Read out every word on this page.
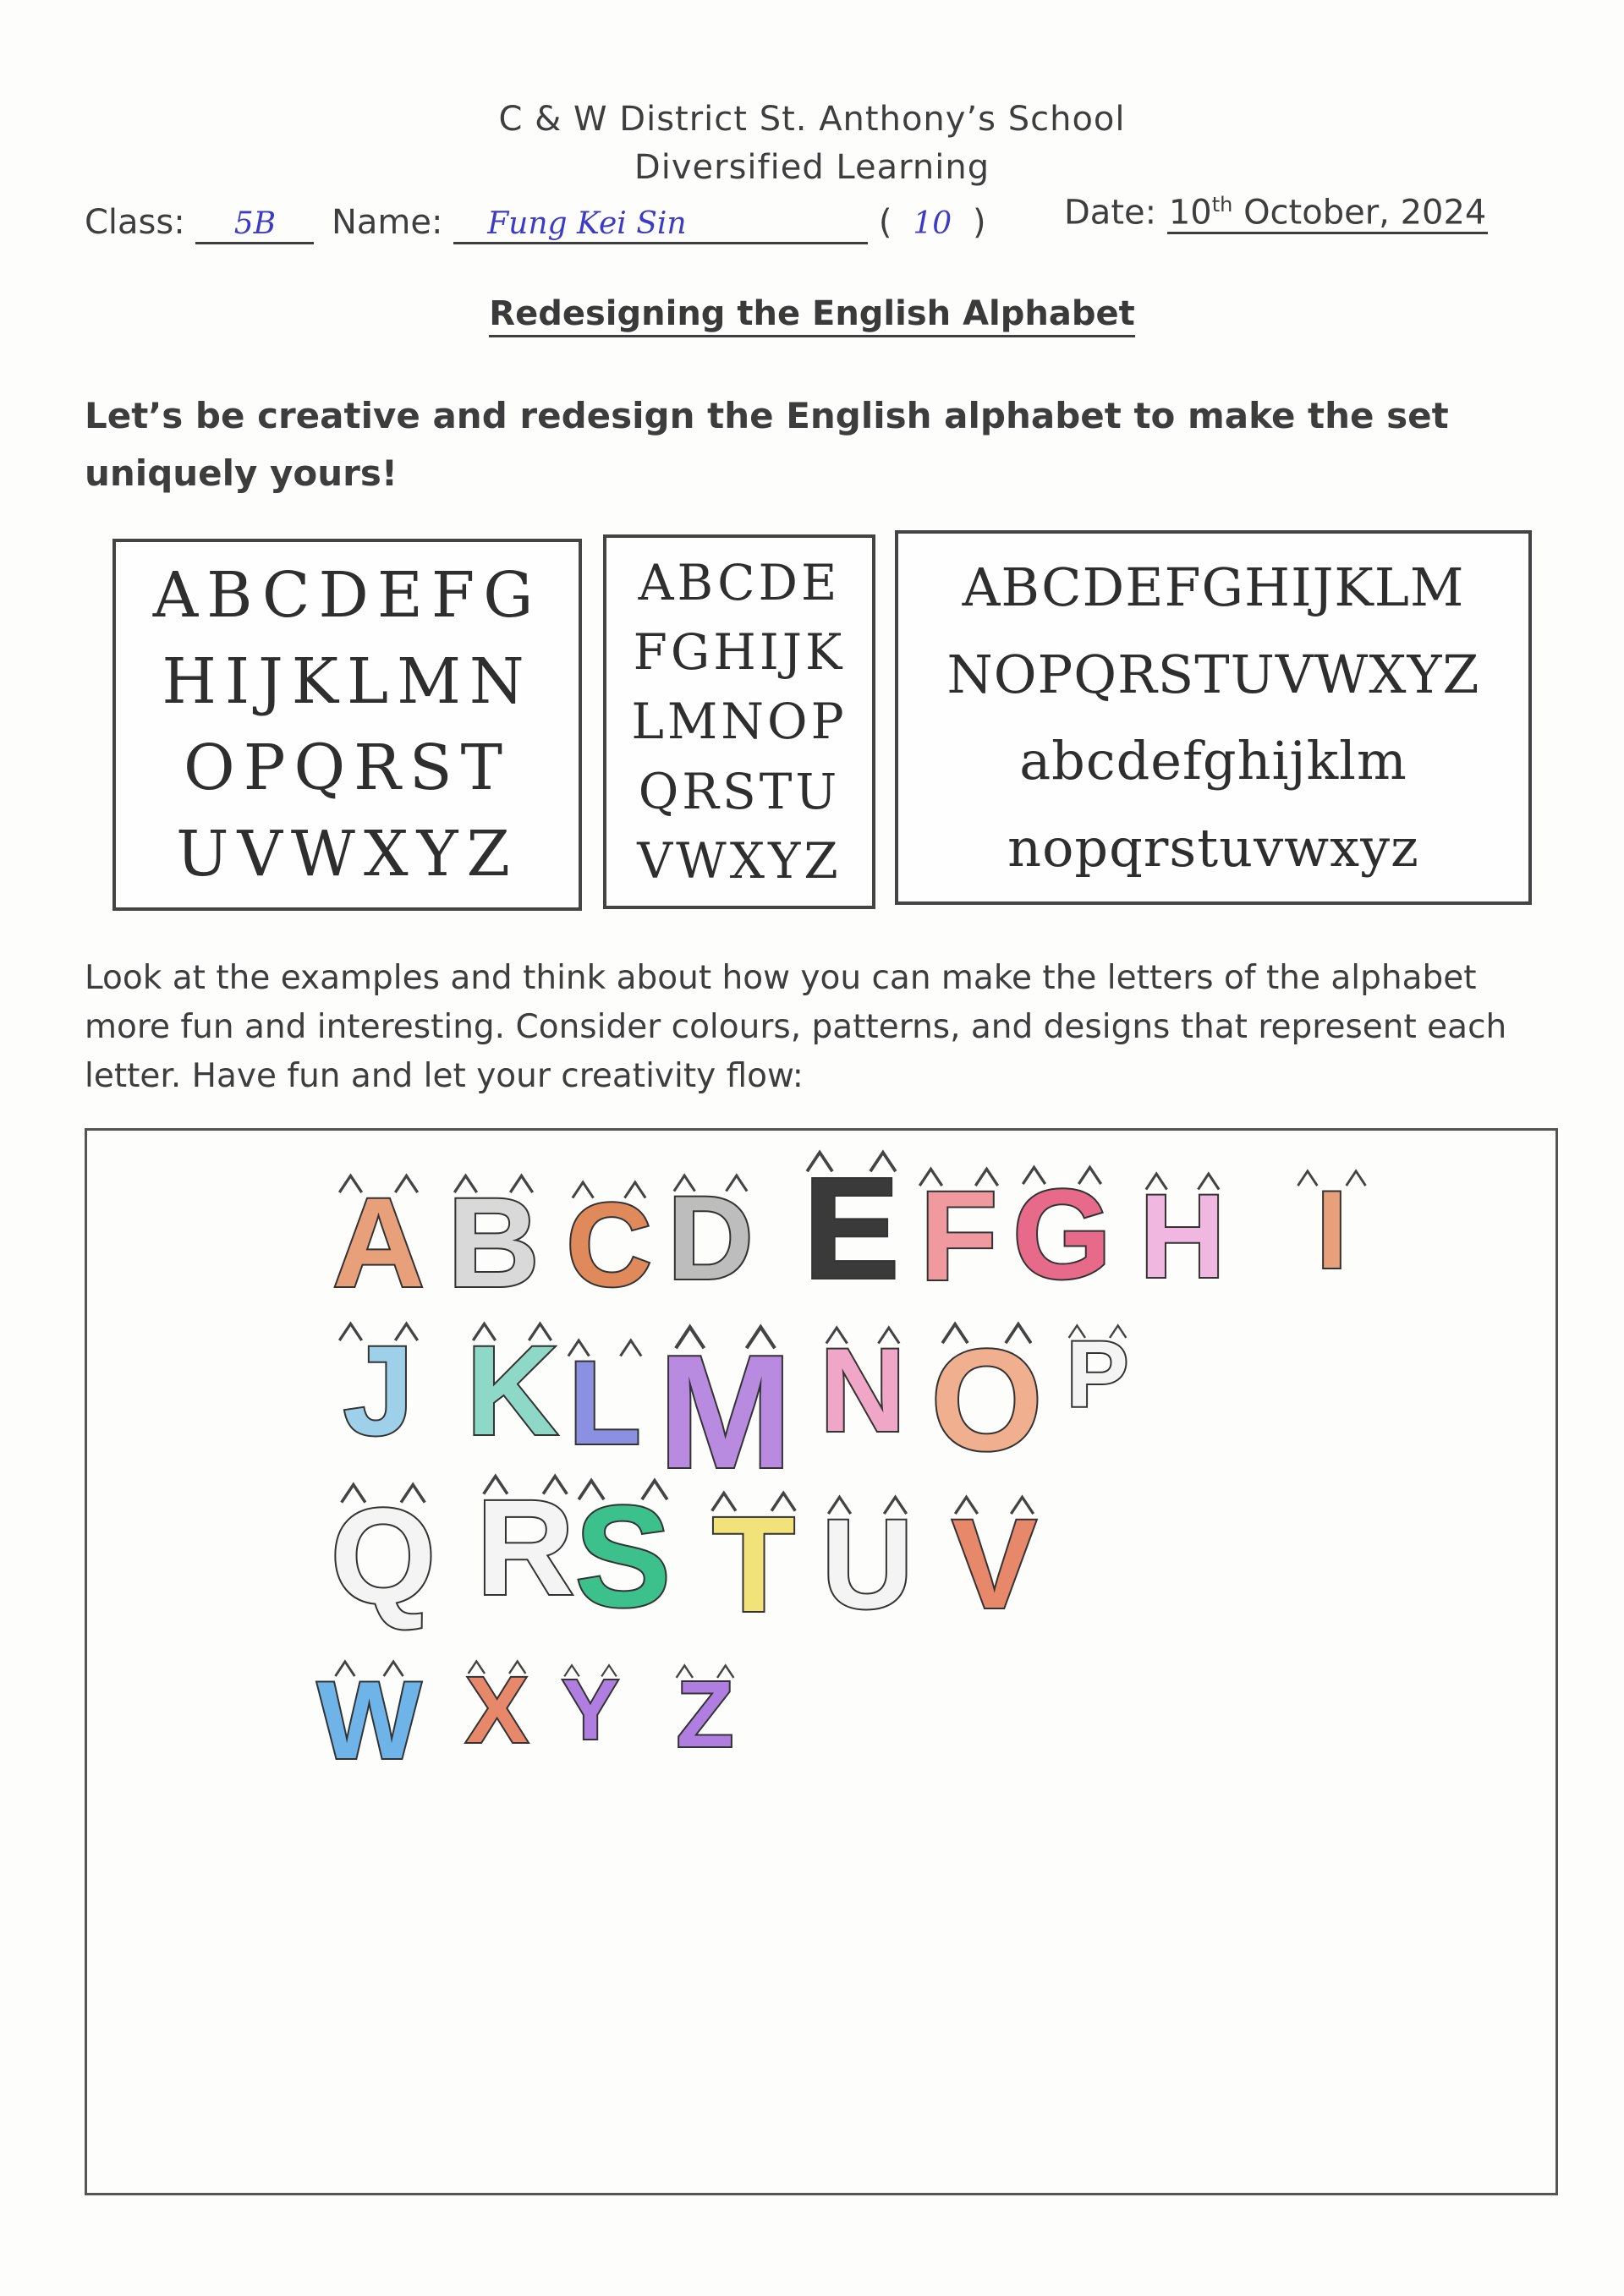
C & W District St. Anthony’s School
Diversified Learning
Class: 5B	Name: Fung Kei Sin	( 10 ) Date: 10th October, 2024
Redesigning the English Alphabet
Let’s be creative and redesign the English alphabet to make the set uniquely yours!
ABCDEFG
HIJKLMN
OPQRST
UVWXYZ
ABCDE
FGHIJK
LMNOP
QRSTU
VWXYZ
ABCDEFGHIJKLM
NOPQRSTUVWXYZ
abcdefghijklm
nopqrstuvwxyz
Look at the examples and think about how you can make the letters of the alphabet more fun and interesting. Consider colours, patterns, and designs that represent each letter. Have fun and let your creativity flow:
A B C D E F G H I
J K L M N O P
Q R S T U V
W X Y Z
